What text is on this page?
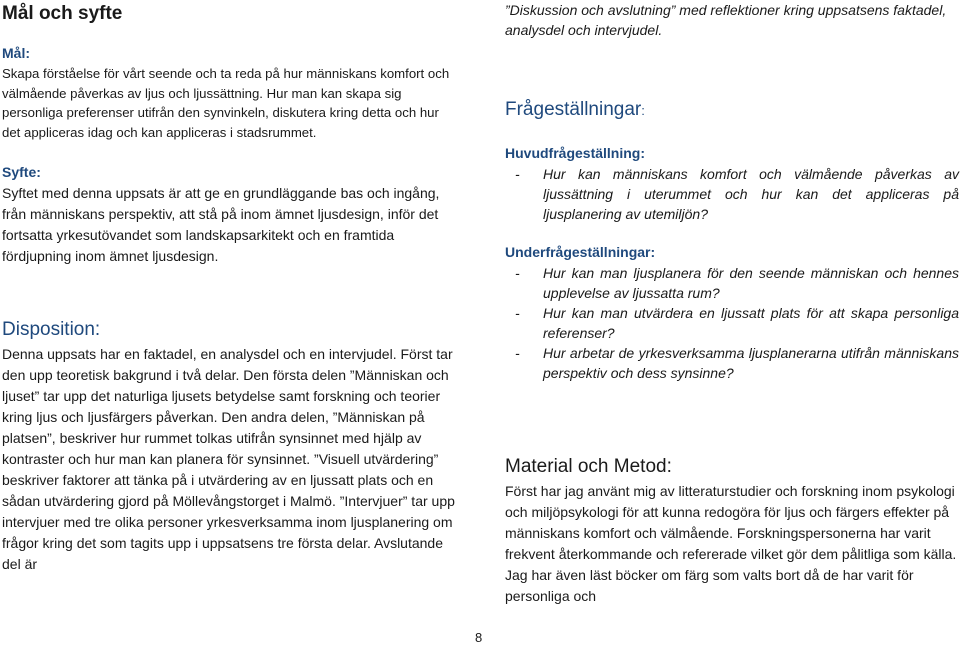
Mål och syfte

Mål:

Skapa förståelse för vårt seende och ta reda på hur människans komfort och välmående påverkas av ljus och ljussättning. Hur man kan skapa sig personliga preferenser utifrån den synvinkeln, diskutera kring detta och hur det appliceras idag och kan appliceras i stadsrummet.

Syfte:

Syftet med denna uppsats är att ge en grundläggande bas och ingång, från människans perspektiv, att stå på inom ämnet ljusdesign, inför det fortsatta yrkesutövandet som landskapsarkitekt och en framtida fördjupning inom ämnet ljusdesign.

Disposition:

Denna uppsats har en faktadel, en analysdel och en intervjudel. Först tar den upp teoretisk bakgrund i två delar. Den första delen ”Människan och ljuset” tar upp det naturliga ljusets betydelse samt forskning och teorier kring ljus och ljusfärgers påverkan. Den andra delen, ”Människan på platsen”, beskriver hur rummet tolkas utifrån synsinnet med hjälp av kontraster och hur man kan planera för synsinnet. ”Visuell utvärdering” beskriver faktorer att tänka på i utvärdering av en ljussatt plats och en sådan utvärdering gjord på Möllevångstorget i Malmö. ”Intervjuer” tar upp intervjuer med tre olika personer yrkesverksamma inom ljusplanering om frågor kring det som tagits upp i uppsatsens tre första delar. Avslutande del är

”Diskussion och avslutning” med reflektioner kring uppsatsens faktadel, analysdel och intervjudel.

Frågeställningar:

Huvudfrågeställning:

-	Hur kan människans komfort och välmående påverkas av ljussättning i uterummet och hur kan det appliceras på ljusplanering av utemiljön?

Underfrågeställningar:

-	Hur kan man ljusplanera för den seende människan och hennes upplevelse av ljussatta rum?
-	Hur kan man utvärdera en ljussatt plats för att skapa personliga referenser?
-	Hur arbetar de yrkesverksamma ljusplanerarna utifrån människans perspektiv och dess synsinne?

Material och Metod:

Först har jag använt mig av litteraturstudier och forskning inom psykologi och miljöpsykologi för att kunna redogöra för ljus och färgers effekter på människans komfort och välmående. Forskningspersonerna har varit frekvent återkommande och refererade vilket gör dem pålitliga som källa. Jag har även läst böcker om färg som valts bort då de har varit för personliga och

8
